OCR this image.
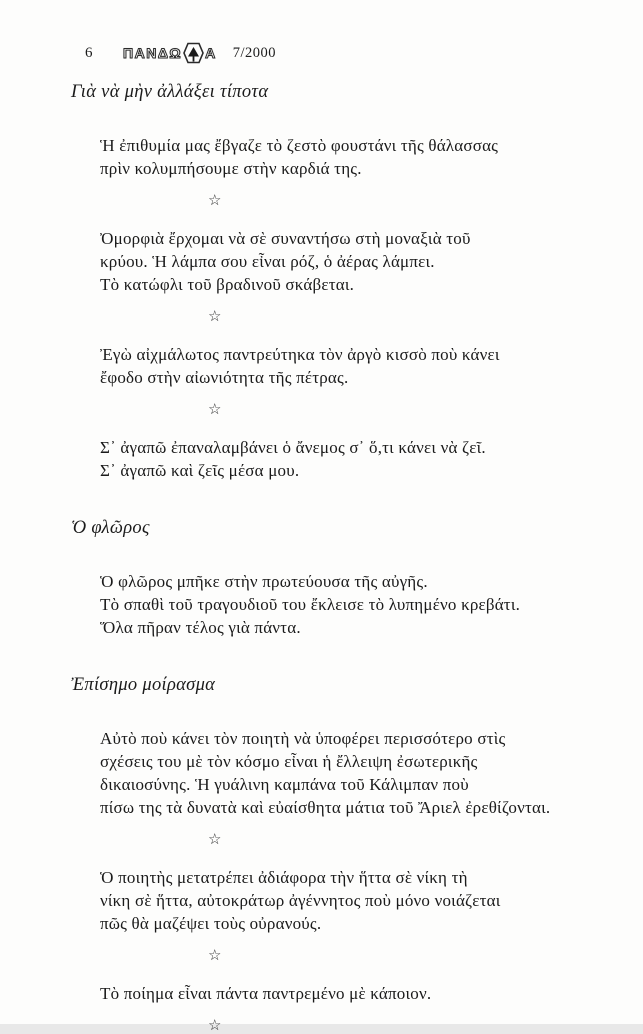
6 ΠΑΝΔΩ Α 7/2000
Γιὰ νὰ μὴν ἀλλάξει τίποτα
Ἡ ἐπιθυμία μας ἔβγαζε τὸ ζεστὸ φουστάνι τῆς θάλασσας
πρὶν κολυμπήσουμε στὴν καρδιά της.
☆
Ὀμορφιὰ ἔρχομαι νὰ σὲ συναντήσω στὴ μοναξιὰ τοῦ
κρύου. Ἡ λάμπα σου εἶναι ρόζ, ὁ ἀέρας λάμπει.
Τὸ κατώφλι τοῦ βραδινοῦ σκάβεται.
☆
Ἐγὼ αἰχμάλωτος παντρεύτηκα τὸν ἀργὸ κισσὸ ποὺ κάνει
ἔφοδο στὴν αἰωνιότητα τῆς πέτρας.
☆
Σ᾽ ἀγαπῶ ἐπαναλαμβάνει ὁ ἄνεμος σ᾽ ὅ,τι κάνει νὰ ζεῖ.
Σ᾽ ἀγαπῶ καὶ ζεῖς μέσα μου.
Ὁ φλῶρος
Ὁ φλῶρος μπῆκε στὴν πρωτεύουσα τῆς αὐγῆς.
Τὸ σπαθὶ τοῦ τραγουδιοῦ του ἔκλεισε τὸ λυπημένο κρεβάτι.
Ὅλα πῆραν τέλος γιὰ πάντα.
Ἐπίσημο μοίρασμα
Αὐτὸ ποὺ κάνει τὸν ποιητὴ νὰ ὑποφέρει περισσότερο στὶς
σχέσεις του μὲ τὸν κόσμο εἶναι ἡ ἔλλειψη ἐσωτερικῆς
δικαιοσύνης. Ἡ γυάλινη καμπάνα τοῦ Κάλιμπαν ποὺ
πίσω της τὰ δυνατὰ καὶ εὐαίσθητα μάτια τοῦ Ἄριελ ἐρεθίζονται.
☆
Ὁ ποιητὴς μετατρέπει ἀδιάφορα τὴν ἥττα σὲ νίκη τὴ
νίκη σὲ ἥττα, αὐτοκράτωρ ἀγέννητος ποὺ μόνο νοιάζεται
πῶς θὰ μαζέψει τοὺς οὐρανούς.
☆
Τὸ ποίημα εἶναι πάντα παντρεμένο μὲ κάποιον.
☆
